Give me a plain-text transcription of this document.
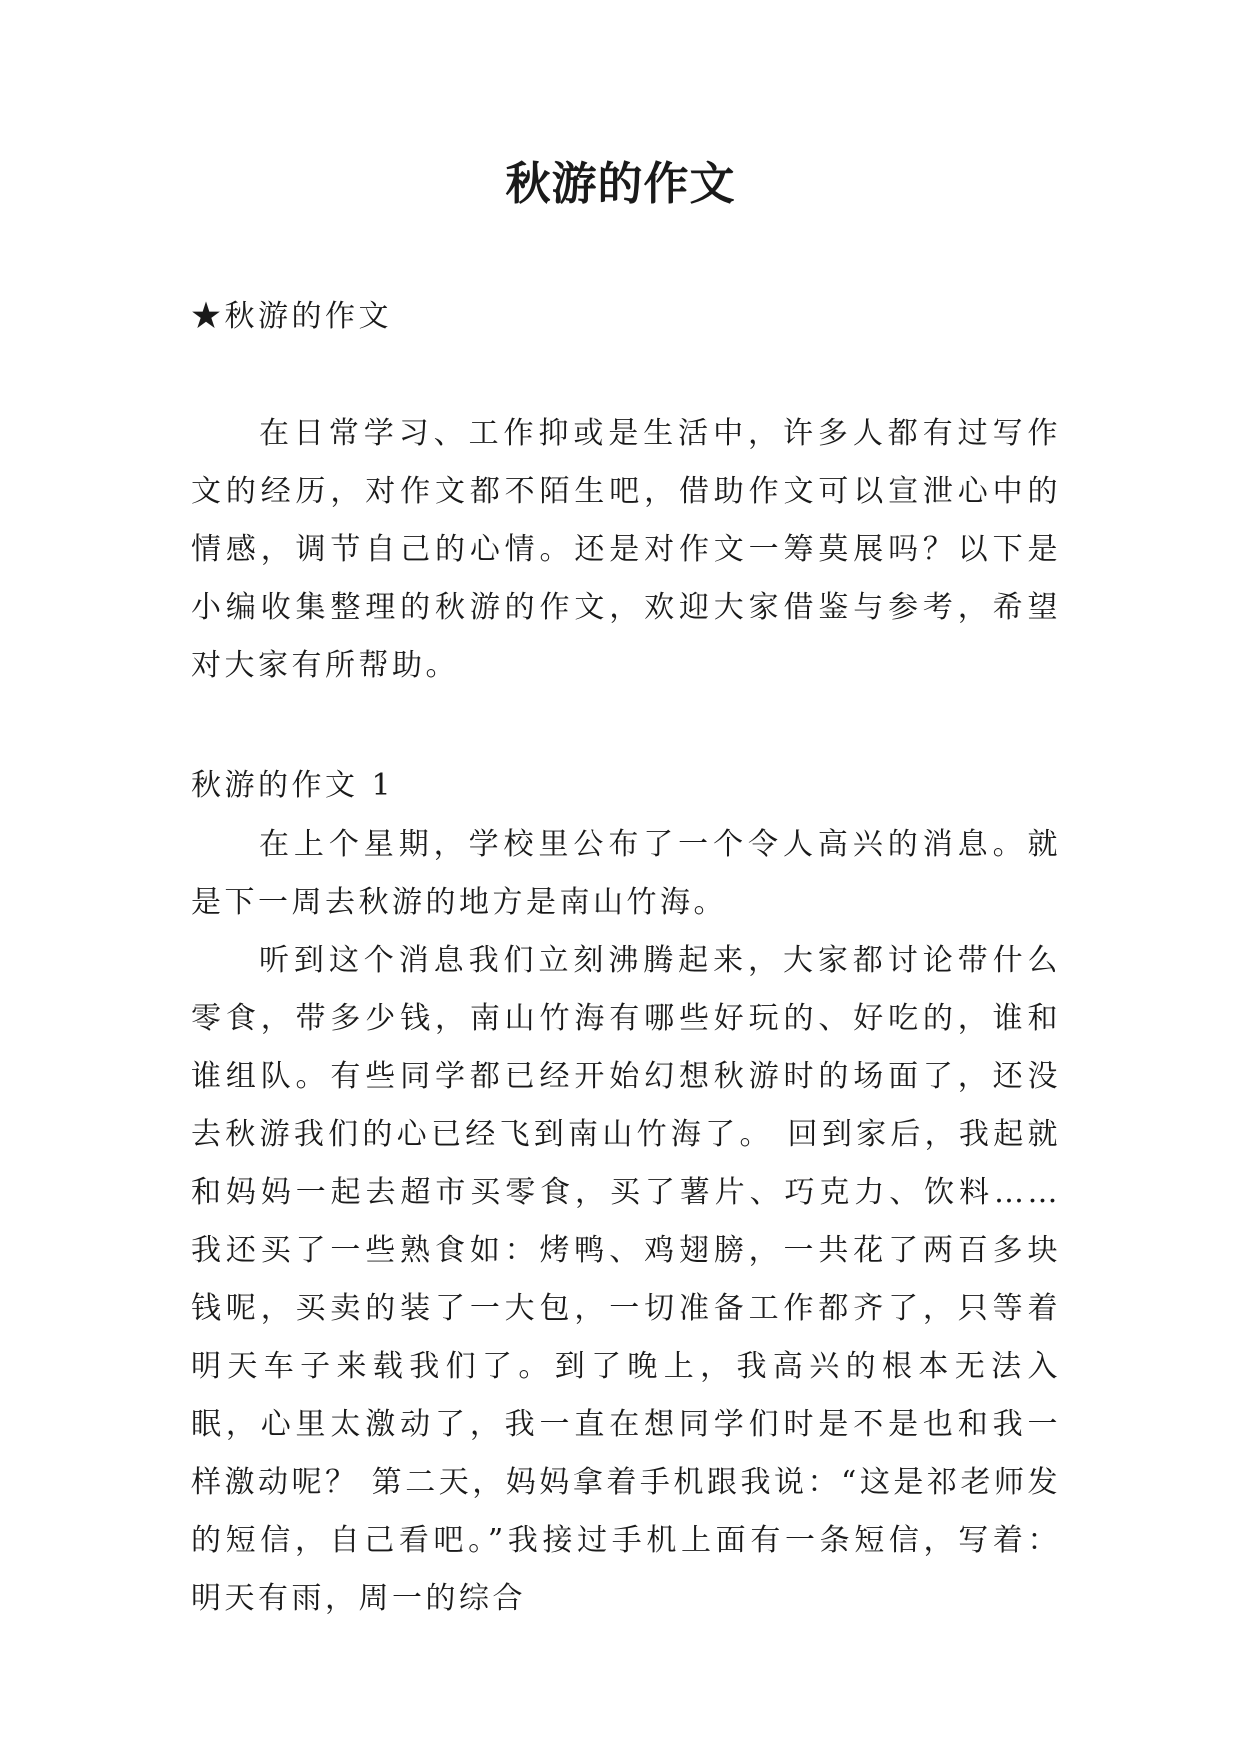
秋游的作文
★秋游的作文
在日常学习、工作抑或是生活中，许多人都有过写作文的经历，对作文都不陌生吧，借助作文可以宣泄心中的情感，调节自己的心情。还是对作文一筹莫展吗？以下是小编收集整理的秋游的作文，欢迎大家借鉴与参考，希望对大家有所帮助。
秋游的作文 1
在上个星期，学校里公布了一个令人高兴的消息。就是下一周去秋游的地方是南山竹海。
听到这个消息我们立刻沸腾起来，大家都讨论带什么零食，带多少钱，南山竹海有哪些好玩的、好吃的，谁和谁组队。有些同学都已经开始幻想秋游时的场面了，还没去秋游我们的心已经飞到南山竹海了。 回到家后，我起就和妈妈一起去超市买零食，买了薯片、巧克力、饮料……我还买了一些熟食如：烤鸭、鸡翅膀，一共花了两百多块钱呢，买卖的装了一大包，一切准备工作都齐了，只等着明天车子来载我们了。到了晚上，我高兴的根本无法入眠，心里太激动了，我一直在想同学们时是不是也和我一样激动呢？ 第二天，妈妈拿着手机跟我说：“这是祁老师发的短信，自己看吧。”我接过手机上面有一条短信，写着：明天有雨，周一的综合
